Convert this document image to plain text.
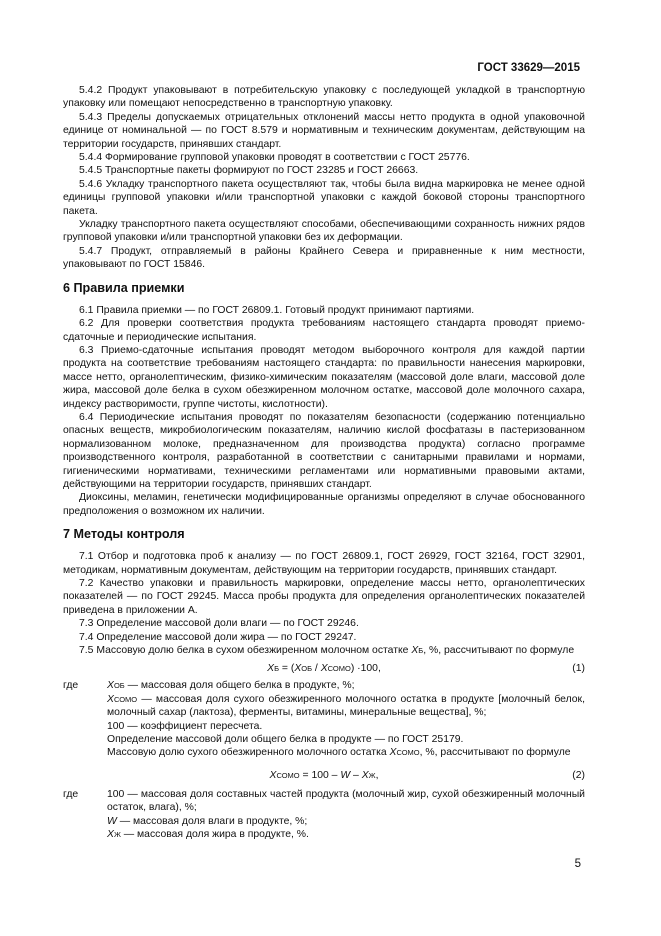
ГОСТ 33629—2015

5.4.2 Продукт упаковывают в потребительскую упаковку с последующей укладкой в транспортную упаковку или помещают непосредственно в транспортную упаковку.

5.4.3 Пределы допускаемых отрицательных отклонений массы нетто продукта в одной упаковочной единице от номинальной — по ГОСТ 8.579 и нормативным и техническим документам, действующим на территории государств, принявших стандарт.

5.4.4 Формирование групповой упаковки проводят в соответствии с ГОСТ 25776.

5.4.5 Транспортные пакеты формируют по ГОСТ 23285 и ГОСТ 26663.

5.4.6 Укладку транспортного пакета осуществляют так, чтобы была видна маркировка не менее одной единицы групповой упаковки и/или транспортной упаковки с каждой боковой стороны транспортного пакета.

Укладку транспортного пакета осуществляют способами, обеспечивающими сохранность нижних рядов групповой упаковки и/или транспортной упаковки без их деформации.

5.4.7 Продукт, отправляемый в районы Крайнего Севера и приравненные к ним местности, упаковывают по ГОСТ 15846.

6 Правила приемки

6.1 Правила приемки — по ГОСТ 26809.1. Готовый продукт принимают партиями.

6.2 Для проверки соответствия продукта требованиям настоящего стандарта проводят приемо-сдаточные и периодические испытания.

6.3 Приемо-сдаточные испытания проводят методом выборочного контроля для каждой партии продукта на соответствие требованиям настоящего стандарта: по правильности нанесения маркировки, массе нетто, органолептическим, физико-химическим показателям (массовой доле влаги, массовой доле жира, массовой доле белка в сухом обезжиренном молочном остатке, массовой доле молочного сахара, индексу растворимости, группе чистоты, кислотности).

6.4 Периодические испытания проводят по показателям безопасности (содержанию потенциально опасных веществ, микробиологическим показателям, наличию кислой фосфатазы в пастеризованном нормализованном молоке, предназначенном для производства продукта) согласно программе производственного контроля, разработанной в соответствии с санитарными правилами и нормами, гигиеническими нормативами, техническими регламентами или нормативными правовыми актами, действующими на территории государств, принявших стандарт.

Диоксины, меламин, генетически модифицированные организмы определяют в случае обоснованного предположения о возможном их наличии.

7 Методы контроля

7.1 Отбор и подготовка проб к анализу — по ГОСТ 26809.1, ГОСТ 26929, ГОСТ 32164, ГОСТ 32901, методикам, нормативным документам, действующим на территории государств, принявших стандарт.

7.2 Качество упаковки и правильность маркировки, определение массы нетто, органолептических показателей — по ГОСТ 29245. Масса пробы продукта для определения органолептических показателей приведена в приложении А.

7.3 Определение массовой доли влаги — по ГОСТ 29246.

7.4 Определение массовой доли жира — по ГОСТ 29247.

7.5 Массовую долю белка в сухом обезжиренном молочном остатке XБ, %, рассчитывают по формуле

XБ = (XОБ / XСОМО) ·100,	(1)

где	XОБ — массовая доля общего белка в продукте, %;

XСОМО — массовая доля сухого обезжиренного молочного остатка в продукте [молочный белок, молочный сахар (лактоза), ферменты, витамины, минеральные вещества], %;

100 — коэффициент пересчета.

Определение массовой доли общего белка в продукте — по ГОСТ 25179.

Массовую долю сухого обезжиренного молочного остатка XСОМО, %, рассчитывают по формуле

XСОМО = 100 – W – XЖ,	(2)

где	100 — массовая доля составных частей продукта (молочный жир, сухой обезжиренный молочный остаток, влага), %;

W — массовая доля влаги в продукте, %;

XЖ — массовая доля жира в продукте, %.

5
